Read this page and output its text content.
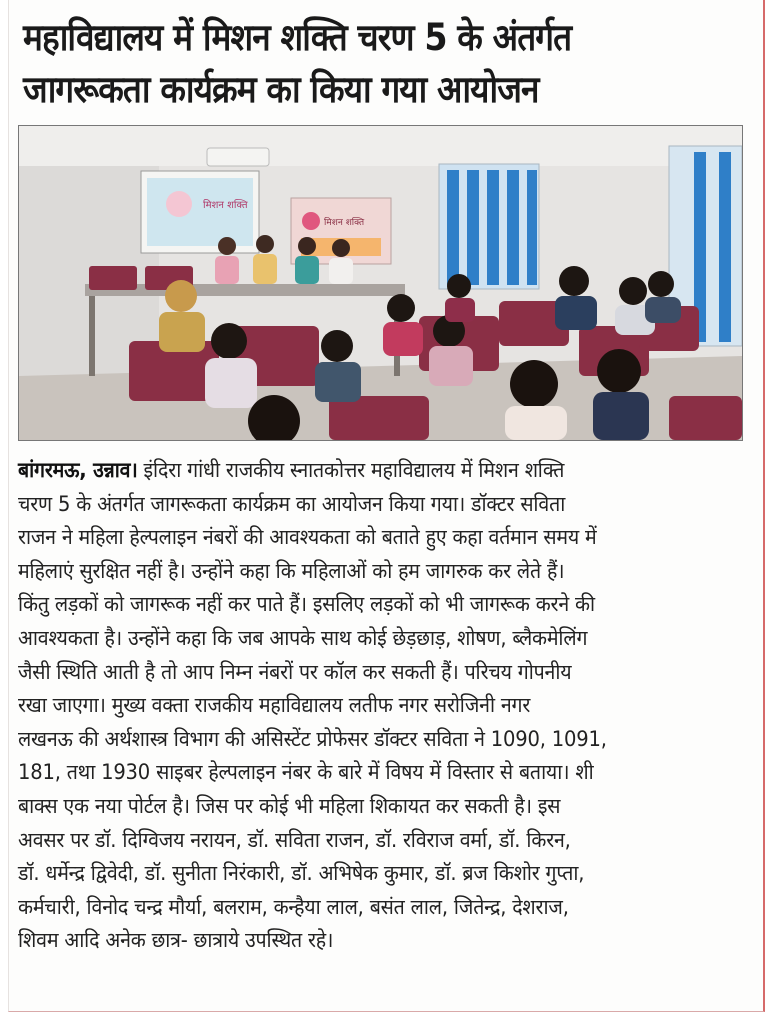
महाविद्यालय में मिशन शक्ति चरण 5 के अंतर्गत
जागरूकता कार्यक्रम का किया गया आयोजन
मिशन शक्ति
मिशन शक्ति
बांगरमऊ, उन्नाव। इंदिरा गांधी राजकीय स्नातकोत्तर महाविद्यालय में मिशन शक्ति
चरण 5 के अंतर्गत जागरूकता कार्यक्रम का आयोजन किया गया। डॉक्टर सविता
राजन ने महिला हेल्पलाइन नंबरों की आवश्यकता को बताते हुए कहा वर्तमान समय में
महिलाएं सुरक्षित नहीं है। उन्होंने कहा कि महिलाओं को हम जागरुक कर लेते हैं।
किंतु लड़कों को जागरूक नहीं कर पाते हैं। इसलिए लड़कों को भी जागरूक करने की
आवश्यकता है। उन्होंने कहा कि जब आपके साथ कोई छेड़छाड़, शोषण, ब्लैकमेलिंग
जैसी स्थिति आती है तो आप निम्न नंबरों पर कॉल कर सकती हैं। परिचय गोपनीय
रखा जाएगा। मुख्य वक्ता राजकीय महाविद्यालय लतीफ नगर सरोजिनी नगर
लखनऊ की अर्थशास्त्र विभाग की असिस्टेंट प्रोफेसर डॉक्टर सविता ने 1090, 1091,
181, तथा 1930 साइबर हेल्पलाइन नंबर के बारे में विषय में विस्तार से बताया। शी
बाक्स एक नया पोर्टल है। जिस पर कोई भी महिला शिकायत कर सकती है। इस
अवसर पर डॉ. दिग्विजय नरायन, डॉ. सविता राजन, डॉ. रविराज वर्मा, डॉ. किरन,
डॉ. धर्मेन्द्र द्विवेदी, डॉ. सुनीता निरंकारी, डॉ. अभिषेक कुमार, डॉ. ब्रज किशोर गुप्ता,
कर्मचारी, विनोद चन्द्र मौर्या, बलराम, कन्हैया लाल, बसंत लाल, जितेन्द्र, देशराज,
शिवम आदि अनेक छात्र- छात्राये उपस्थित रहे।
